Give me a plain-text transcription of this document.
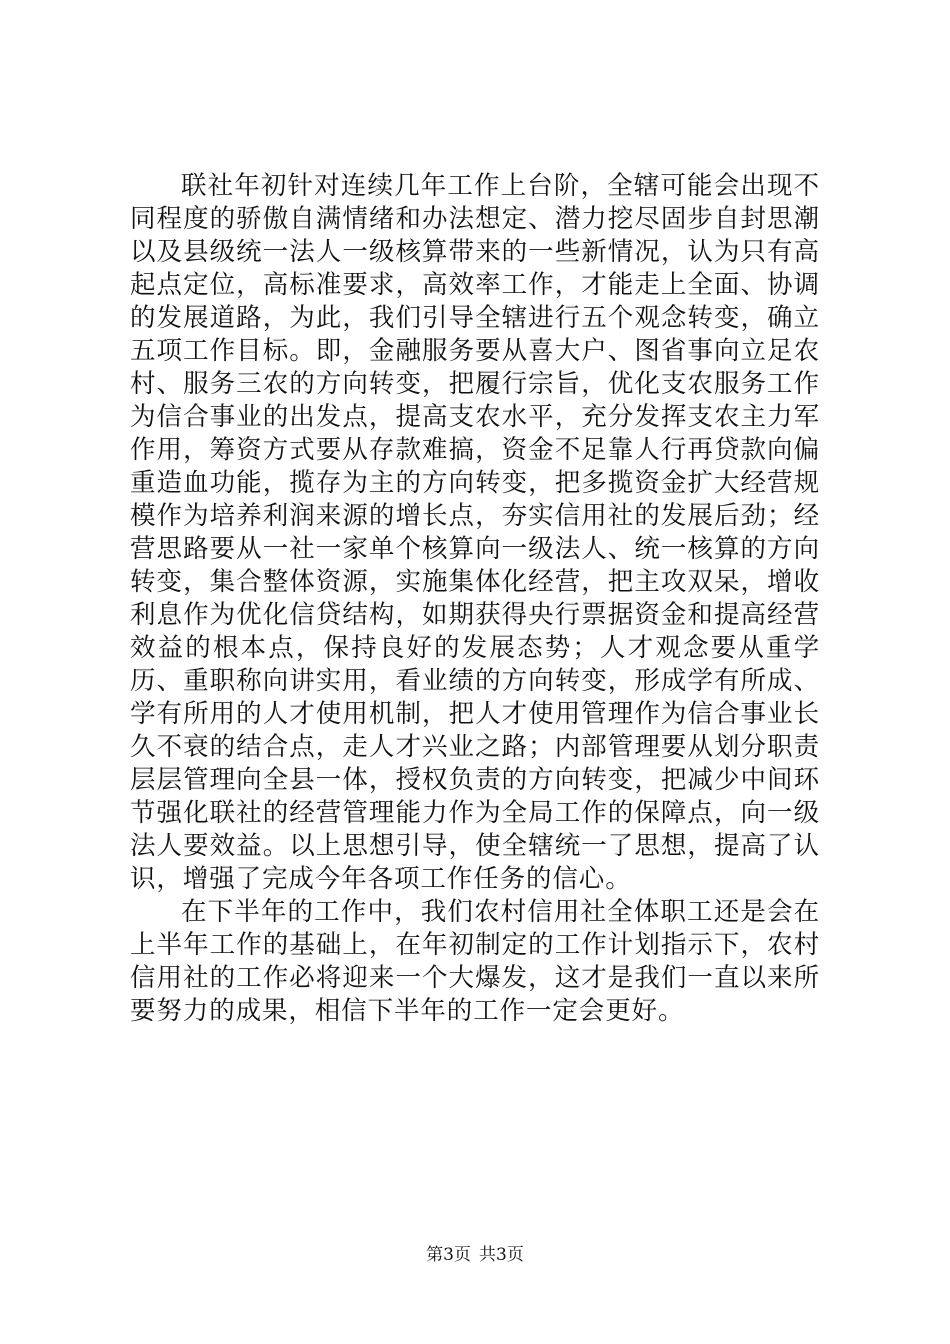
联社年初针对连续几年工作上台阶，全辖可能会出现不同程度的骄傲自满情绪和办法想定、潜力挖尽固步自封思潮以及县级统一法人一级核算带来的一些新情况，认为只有高起点定位，高标准要求，高效率工作，才能走上全面、协调的发展道路，为此，我们引导全辖进行五个观念转变，确立五项工作目标。即，金融服务要从喜大户、图省事向立足农村、服务三农的方向转变，把履行宗旨，优化支农服务工作为信合事业的出发点，提高支农水平，充分发挥支农主力军作用，筹资方式要从存款难搞，资金不足靠人行再贷款向偏重造血功能，揽存为主的方向转变，把多揽资金扩大经营规模作为培养利润来源的增长点，夯实信用社的发展后劲；经营思路要从一社一家单个核算向一级法人、统一核算的方向转变，集合整体资源，实施集体化经营，把主攻双呆，增收利息作为优化信贷结构，如期获得央行票据资金和提高经营效益的根本点，保持良好的发展态势；人才观念要从重学历、重职称向讲实用，看业绩的方向转变，形成学有所成、学有所用的人才使用机制，把人才使用管理作为信合事业长久不衰的结合点，走人才兴业之路；内部管理要从划分职责层层管理向全县一体，授权负责的方向转变，把减少中间环节强化联社的经营管理能力作为全局工作的保障点，向一级法人要效益。以上思想引导，使全辖统一了思想，提高了认识，增强了完成今年各项工作任务的信心。

在下半年的工作中，我们农村信用社全体职工还是会在上半年工作的基础上，在年初制定的工作计划指示下，农村信用社的工作必将迎来一个大爆发，这才是我们一直以来所要努力的成果，相信下半年的工作一定会更好。

第3页 共3页
